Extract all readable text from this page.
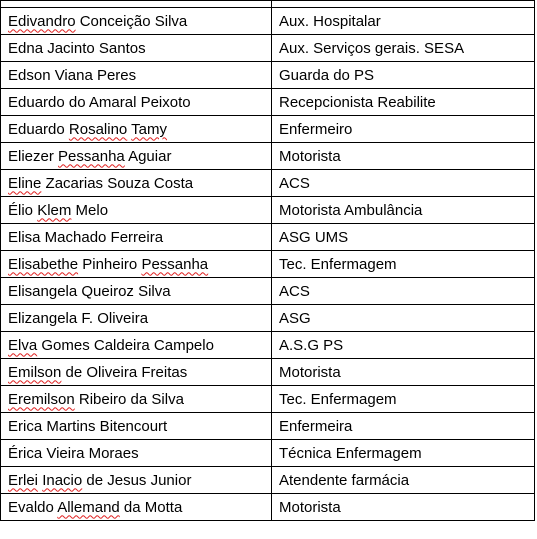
Edivandro Conceição Silva	Aux. Hospitalar
Edna Jacinto Santos	Aux. Serviços gerais. SESA
Edson Viana Peres	Guarda do PS
Eduardo do Amaral Peixoto	Recepcionista Reabilite
Eduardo Rosalino Tamy	Enfermeiro
Eliezer Pessanha Aguiar	Motorista
Eline Zacarias Souza Costa	ACS
Élio Klem Melo	Motorista Ambulância
Elisa Machado Ferreira	ASG UMS
Elisabethe Pinheiro Pessanha	Tec. Enfermagem
Elisangela Queiroz Silva	ACS
Elizangela F. Oliveira	ASG
Elva Gomes Caldeira Campelo	A.S.G PS
Emilson de Oliveira Freitas	Motorista
Eremilson Ribeiro da Silva	Tec. Enfermagem
Erica Martins Bitencourt	Enfermeira
Érica Vieira Moraes	Técnica Enfermagem
Erlei Inacio de Jesus Junior	Atendente farmácia
Evaldo Allemand da Motta	Motorista
